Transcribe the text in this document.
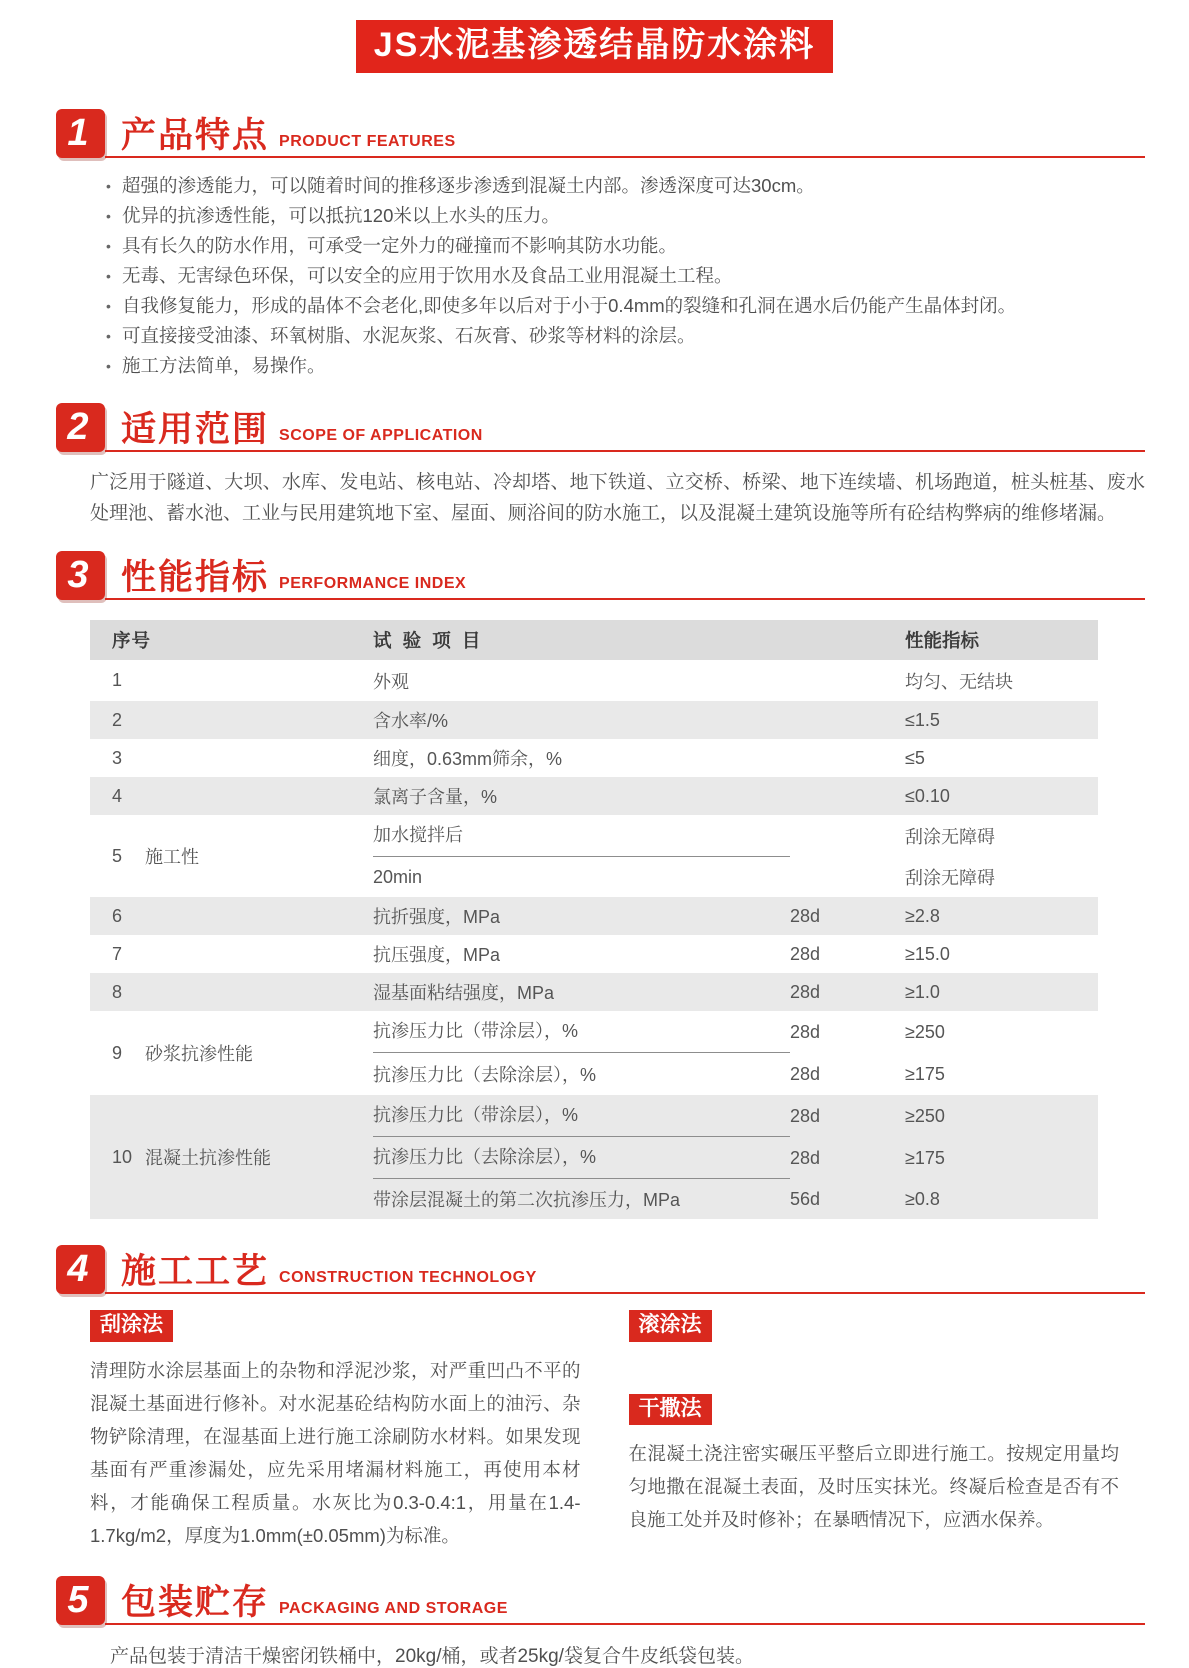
JS水泥基渗透结晶防水涂料
1 产品特点 PRODUCT FEATURES
• 超强的渗透能力，可以随着时间的推移逐步渗透到混凝土内部。渗透深度可达30cm。
• 优异的抗渗透性能，可以抵抗120米以上水头的压力。
• 具有长久的防水作用，可承受一定外力的碰撞而不影响其防水功能。
• 无毒、无害绿色环保，可以安全的应用于饮用水及食品工业用混凝土工程。
• 自我修复能力，形成的晶体不会老化,即使多年以后对于小于0.4mm的裂缝和孔洞在遇水后仍能产生晶体封闭。
• 可直接接受油漆、环氧树脂、水泥灰浆、石灰膏、砂浆等材料的涂层。
• 施工方法简单，易操作。
2 适用范围 SCOPE OF APPLICATION
广泛用于隧道、大坝、水库、发电站、核电站、冷却塔、地下铁道、立交桥、桥梁、地下连续墙、机场跑道，桩头桩基、废水处理池、蓄水池、工业与民用建筑地下室、屋面、厕浴间的防水施工，以及混凝土建筑设施等所有砼结构弊病的维修堵漏。
3 性能指标 PERFORMANCE INDEX
序号		试 验 项 目		性能指标
1		外观		均匀、无结块
2		含水率/%		≤1.5
3		细度，0.63mm筛余，%		≤5
4		氯离子含量，%		≤0.10
5	施工性	加水搅拌后		刮涂无障碍
		20min		刮涂无障碍
6		抗折强度，MPa	28d	≥2.8
7		抗压强度，MPa	28d	≥15.0
8		湿基面粘结强度，MPa	28d	≥1.0
9	砂浆抗渗性能	抗渗压力比（带涂层），%	28d	≥250
		抗渗压力比（去除涂层），%	28d	≥175
10	混凝土抗渗性能	抗渗压力比（带涂层），%	28d	≥250

		抗渗压力比（去除涂层），%	28d	≥175
		带涂层混凝土的第二次抗渗压力，MPa	56d	≥0.8
4 施工工艺 CONSTRUCTION TECHNOLOGY
刮涂法
清理防水涂层基面上的杂物和浮泥沙浆，对严重凹凸不平的混凝土基面进行修补。对水泥基砼结构防水面上的油污、杂物铲除清理，在湿基面上进行施工涂刷防水材料。如果发现基面有严重渗漏处，应先采用堵漏材料施工，再使用本材料，才能确保工程质量。水灰比为0.3-0.4:1，用量在1.4-1.7kg/m2，厚度为1.0mm(±0.05mm)为标准。
滚涂法
干撒法
在混凝土浇注密实碾压平整后立即进行施工。按规定用量均匀地撒在混凝土表面，及时压实抹光。终凝后检查是否有不良施工处并及时修补；在暴晒情况下，应洒水保养。
5 包装贮存 PACKAGING AND STORAGE
产品包装于清洁干燥密闭铁桶中，20kg/桶，或者25kg/袋复合牛皮纸袋包装。
